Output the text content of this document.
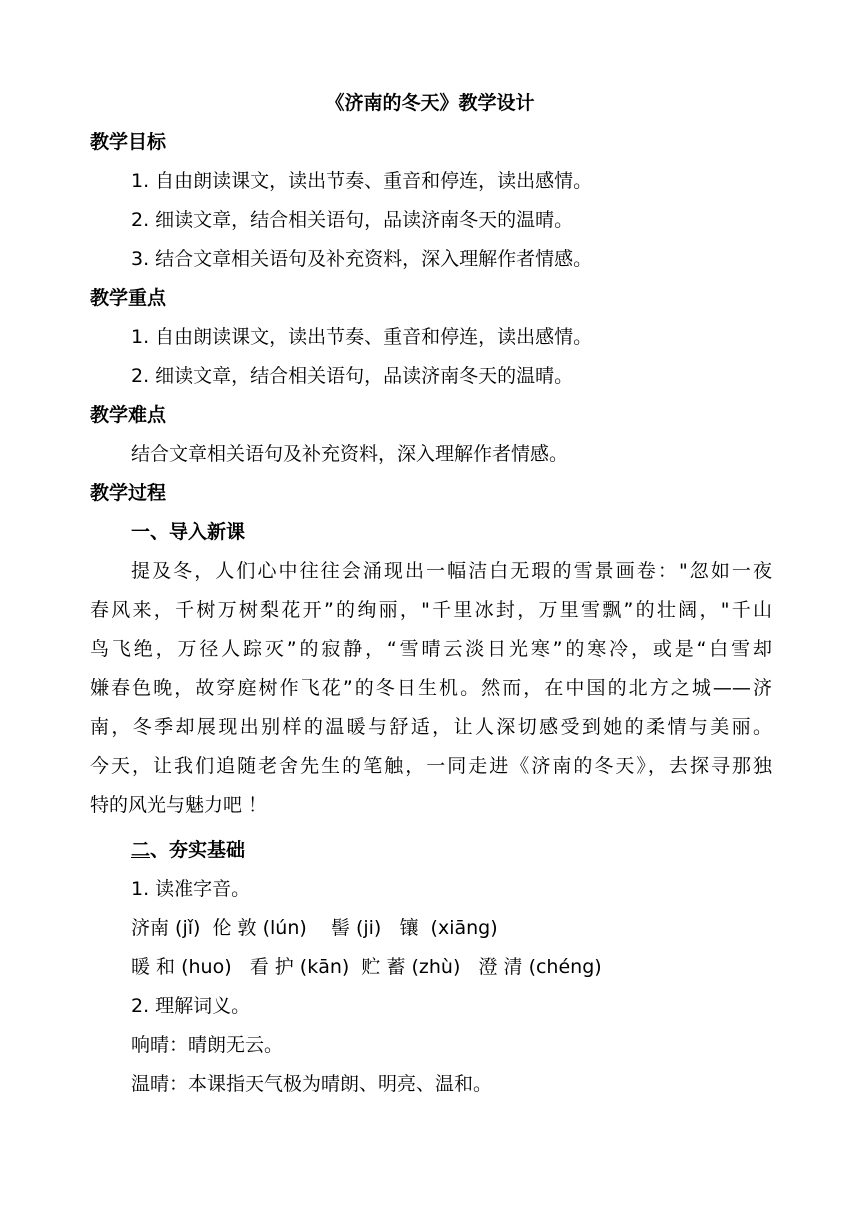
《济南的冬天》教学设计
教学目标
1. 自由朗读课文，读出节奏、重音和停连，读出感情。
2. 细读文章，结合相关语句，品读济南冬天的温晴。
3. 结合文章相关语句及补充资料，深入理解作者情感。
教学重点
1. 自由朗读课文，读出节奏、重音和停连，读出感情。
2. 细读文章，结合相关语句，品读济南冬天的温晴。
教学难点
结合文章相关语句及补充资料，深入理解作者情感。
教学过程
一、导入新课
提及冬，人们心中往往会涌现出一幅洁白无瑕的雪景画卷："忽如一夜
春风来，千树万树梨花开”的绚丽，"千里冰封，万里雪飘”的壮阔，"千山
鸟飞绝，万径人踪灭”的寂静，“雪晴云淡日光寒”的寒冷，或是“白雪却
嫌春色晚，故穿庭树作飞花”的冬日生机。然而，在中国的北方之城——济
南，冬季却展现出别样的温暖与舒适，让人深切感受到她的柔情与美丽。
今天，让我们追随老舍先生的笔触，一同走进《济南的冬天》，去探寻那独
特的风光与魅力吧 ！
二、夯实基础
1. 读准字音。
济南 (jǐ)  伦 敦 (lún)    髻 (ji)   镶  (xiāng)
暖 和 (huo)   看 护 (kān)  贮 蓄 (zhù)   澄 清 (chéng)
2. 理解词义。
响晴：晴朗无云。
温晴：本课指天气极为晴朗、明亮、温和。
